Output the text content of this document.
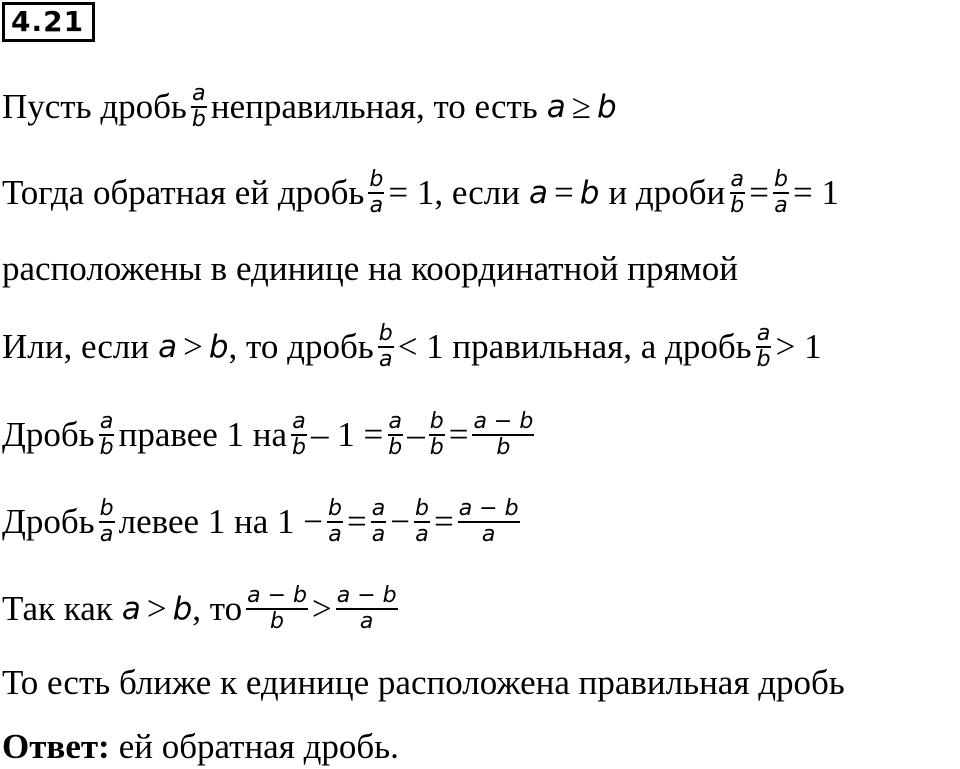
4.21
Пусть дробь $\frac{a}{b}$ неправильная, то есть a ≥ b
Тогда обратная ей дробь $\frac{b}{a} = 1$, если a = b и дроби $\frac{a}{b} = \frac{b}{a} = 1$
расположены в единице на координатной прямой
Или, если a > b , то дробь $\frac{b}{a} < 1$ правильная, а дробь $\frac{a}{b} > 1$
Дробь $\frac{a}{b}$ правее 1 на $\frac{a}{b} - 1 = \frac{a}{b} - \frac{b}{b} = \frac{a - b}{b}$
Дробь $\frac{b}{a}$ левее 1 на $1 - \frac{b}{a} = \frac{a}{a} - \frac{b}{a} = \frac{a - b}{a}$
Так как a > b , то $\frac{a - b}{b} > \frac{a - b}{a}$
То есть ближе к единице расположена правильная дробь
Ответ: ей обратная дробь.
